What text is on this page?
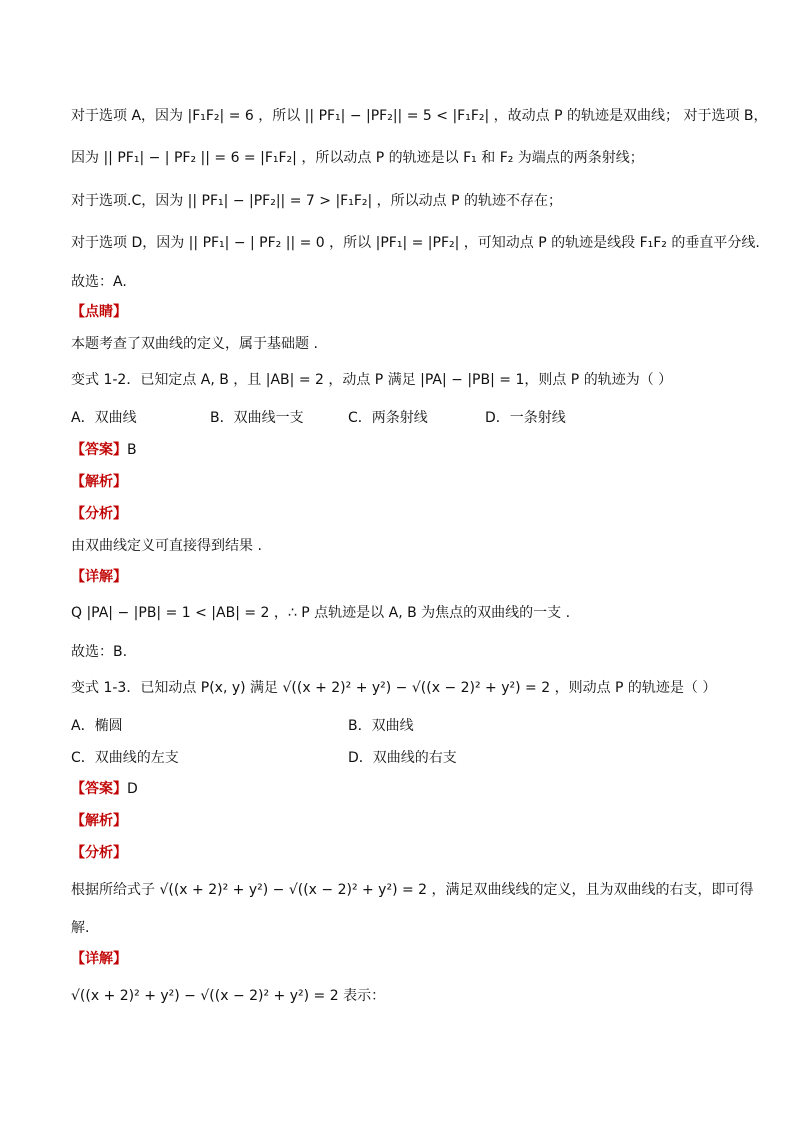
对于选项 A，因为 |F₁F₂| = 6 ，所以 || PF₁| − |PF₂|| = 5 < |F₁F₂| ，故动点 P 的轨迹是双曲线； 对于选项 B，
因为 || PF₁| − | PF₂ || = 6 = |F₁F₂| ，所以动点 P 的轨迹是以 F₁ 和 F₂ 为端点的两条射线；
对于选项.C，因为 || PF₁| − |PF₂|| = 7 > |F₁F₂| ，所以动点 P 的轨迹不存在；
对于选项 D，因为 || PF₁| − | PF₂ || = 0 ，所以 |PF₁| = |PF₂| ，可知动点 P 的轨迹是线段 F₁F₂ 的垂直平分线.
故选：A.
【点睛】
本题考查了双曲线的定义，属于基础题 .
变式 1-2．已知定点 A, B ，且 |AB| = 2 ，动点 P 满足 |PA| − |PB| = 1，则点 P 的轨迹为（ ）
A．双曲线	B．双曲线一支	C．两条射线	D．一条射线
【答案】B
【解析】
【分析】
由双曲线定义可直接得到结果 .
【详解】
Q |PA| − |PB| = 1 < |AB| = 2 ，∴ P 点轨迹是以 A, B 为焦点的双曲线的一支 .
故选：B.
变式 1-3．已知动点 P(x, y) 满足 √((x + 2)² + y²) − √((x − 2)² + y²) = 2 ，则动点 P 的轨迹是（ ）
A．椭圆	B．双曲线
C．双曲线的左支	D．双曲线的右支
【答案】D
【解析】
【分析】
根据所给式子 √((x + 2)² + y²) − √((x − 2)² + y²) = 2 ，满足双曲线线的定义，且为双曲线的右支，即可得
解.
【详解】
√((x + 2)² + y²) − √((x − 2)² + y²) = 2 表示：
